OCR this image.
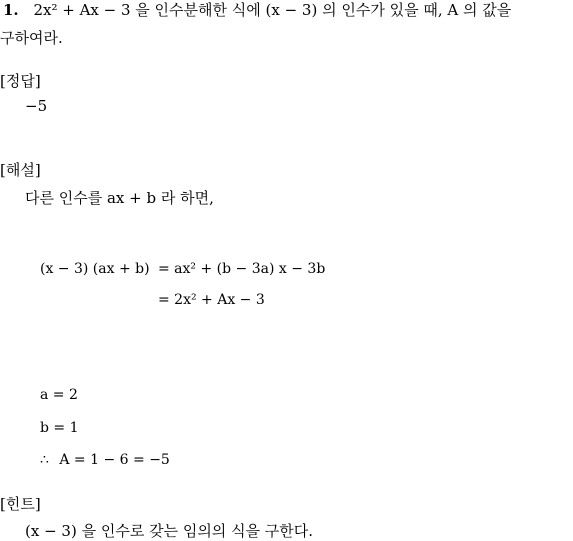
1. 2x² + Ax − 3 을 인수분해한 식에 (x − 3) 의 인수가 있을 때, A 의 값을
구하여라.
[정답]
−5
[해설]
다른 인수를 ax + b 라 하면,
(x − 3) (ax + b) = ax² + (b − 3a) x − 3b
= 2x² + Ax − 3
a = 2
b = 1
∴ A = 1 − 6 = −5
[힌트]
(x − 3) 을 인수로 갖는 임의의 식을 구한다.
